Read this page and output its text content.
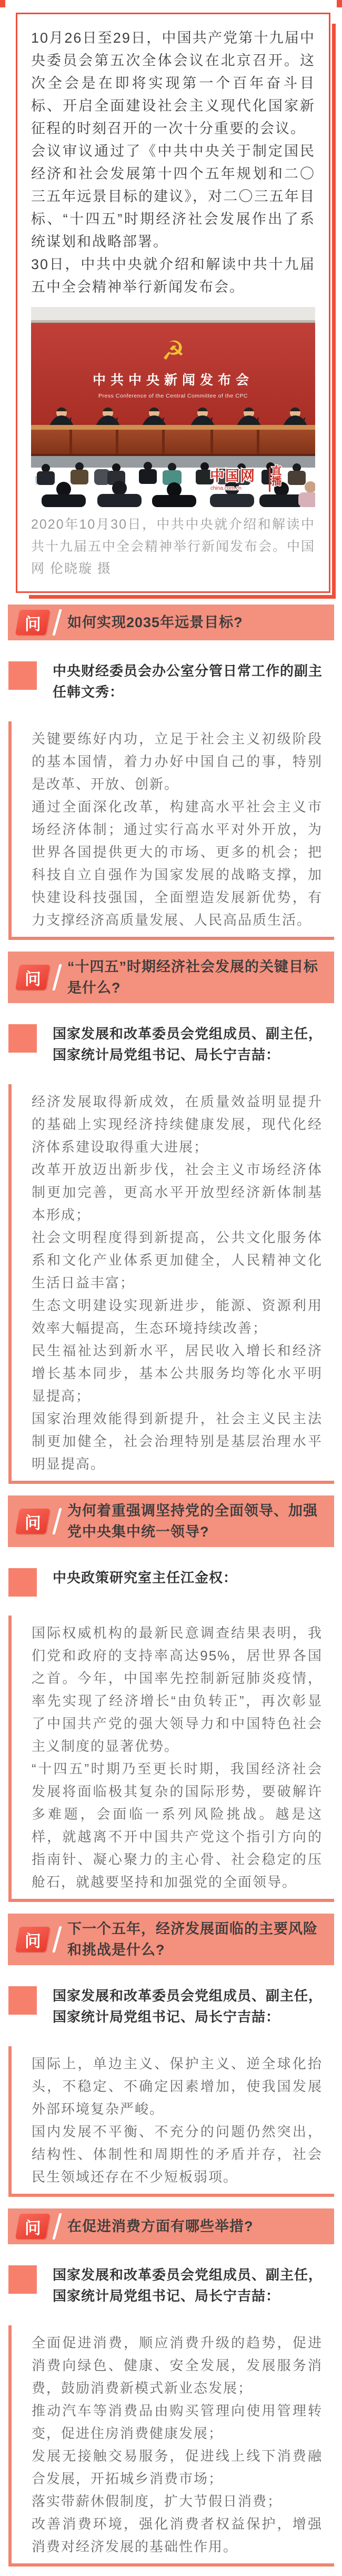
10月26日至29日，中国共产党第十九届中央委员会第五次全体会议在北京召开。这次全会是在即将实现第一个百年奋斗目标、开启全面建设社会主义现代化国家新征程的时刻召开的一次十分重要的会议。

会议审议通过了《中共中央关于制定国民经济和社会发展第十四个五年规划和二〇三五年远景目标的建议》，对二〇三五年目标、“十四五”时期经济社会发展作出了系统谋划和战略部署。

30日，中共中央就介绍和解读中共十九届五中全会精神举行新闻发布会。

☭
中共中央新闻发布会
Press Conference of the Central Committee of the CPC
中国网
china.com.cn
直播

2020年10月30日，中共中央就介绍和解读中共十九届五中全会精神举行新闻发布会。中国网 伦晓璇 摄

问 如何实现2035年远景目标?
中央财经委员会办公室分管日常工作的副主任韩文秀：

关键要练好内功，立足于社会主义初级阶段的基本国情，着力办好中国自己的事，特别是改革、开放、创新。

通过全面深化改革，构建高水平社会主义市场经济体制；通过实行高水平对外开放，为世界各国提供更大的市场、更多的机会；把科技自立自强作为国家发展的战略支撑，加快建设科技强国，全面塑造发展新优势，有力支撑经济高质量发展、人民高品质生活。

问
“十四五”时期经济社会发展的关键目标是什么?
国家发展和改革委员会党组成员、副主任，国家统计局党组书记、局长宁吉喆：

经济发展取得新成效，在质量效益明显提升的基础上实现经济持续健康发展，现代化经济体系建设取得重大进展；

改革开放迈出新步伐，社会主义市场经济体制更加完善，更高水平开放型经济新体制基本形成；

社会文明程度得到新提高，公共文化服务体系和文化产业体系更加健全，人民精神文化生活日益丰富；

生态文明建设实现新进步，能源、资源利用效率大幅提高，生态环境持续改善；

民生福祉达到新水平，居民收入增长和经济增长基本同步，基本公共服务均等化水平明显提高；

国家治理效能得到新提升，社会主义民主法制更加健全，社会治理特别是基层治理水平明显提高。

问
为何着重强调坚持党的全面领导、加强党中央集中统一领导?
中央政策研究室主任江金权：

国际权威机构的最新民意调查结果表明，我们党和政府的支持率高达95%，居世界各国之首。今年，中国率先控制新冠肺炎疫情，率先实现了经济增长“由负转正”，再次彰显了中国共产党的强大领导力和中国特色社会主义制度的显著优势。

“十四五”时期乃至更长时期，我国经济社会发展将面临极其复杂的国际形势，要破解许多难题，会面临一系列风险挑战。越是这样，就越离不开中国共产党这个指引方向的指南针、凝心聚力的主心骨、社会稳定的压舱石，就越要坚持和加强党的全面领导。

问
下一个五年，经济发展面临的主要风险和挑战是什么?
国家发展和改革委员会党组成员、副主任，国家统计局党组书记、局长宁吉喆：

国际上，单边主义、保护主义、逆全球化抬头，不稳定、不确定因素增加，使我国发展外部环境复杂严峻。

国内发展不平衡、不充分的问题仍然突出，结构性、体制性和周期性的矛盾并存，社会民生领域还存在不少短板弱项。

问 在促进消费方面有哪些举措?
国家发展和改革委员会党组成员、副主任，国家统计局党组书记、局长宁吉喆：

全面促进消费，顺应消费升级的趋势，促进消费向绿色、健康、安全发展，发展服务消费，鼓励消费新模式新业态发展；

推动汽车等消费品由购买管理向使用管理转变，促进住房消费健康发展；

发展无接触交易服务，促进线上线下消费融合发展，开拓城乡消费市场；

落实带薪休假制度，扩大节假日消费；

改善消费环境，强化消费者权益保护，增强消费对经济发展的基础性作用。
